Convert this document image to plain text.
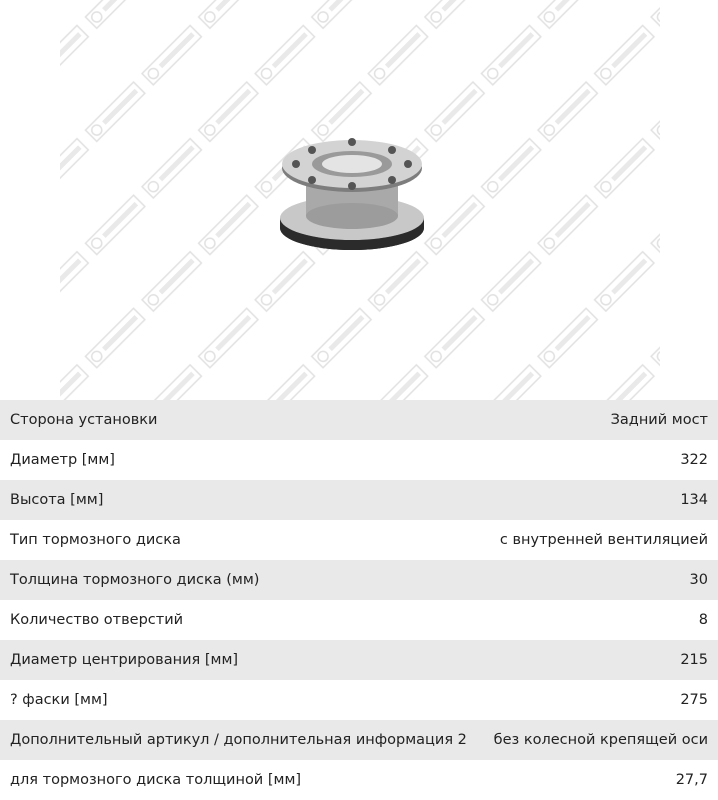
Сторона установки	Задний мост
Диаметр [мм]	322
Высота [мм]	134
Тип тормозного диска	с внутренней вентиляцией
Толщина тормозного диска (мм)	30
Количество отверстий	8
Диаметр центрирования [мм]	215
? фаски [мм]	275
Дополнительный артикул / дополнительная информация 2	без колесной крепящей оси
для тормозного диска толщиной [мм]	27,7
